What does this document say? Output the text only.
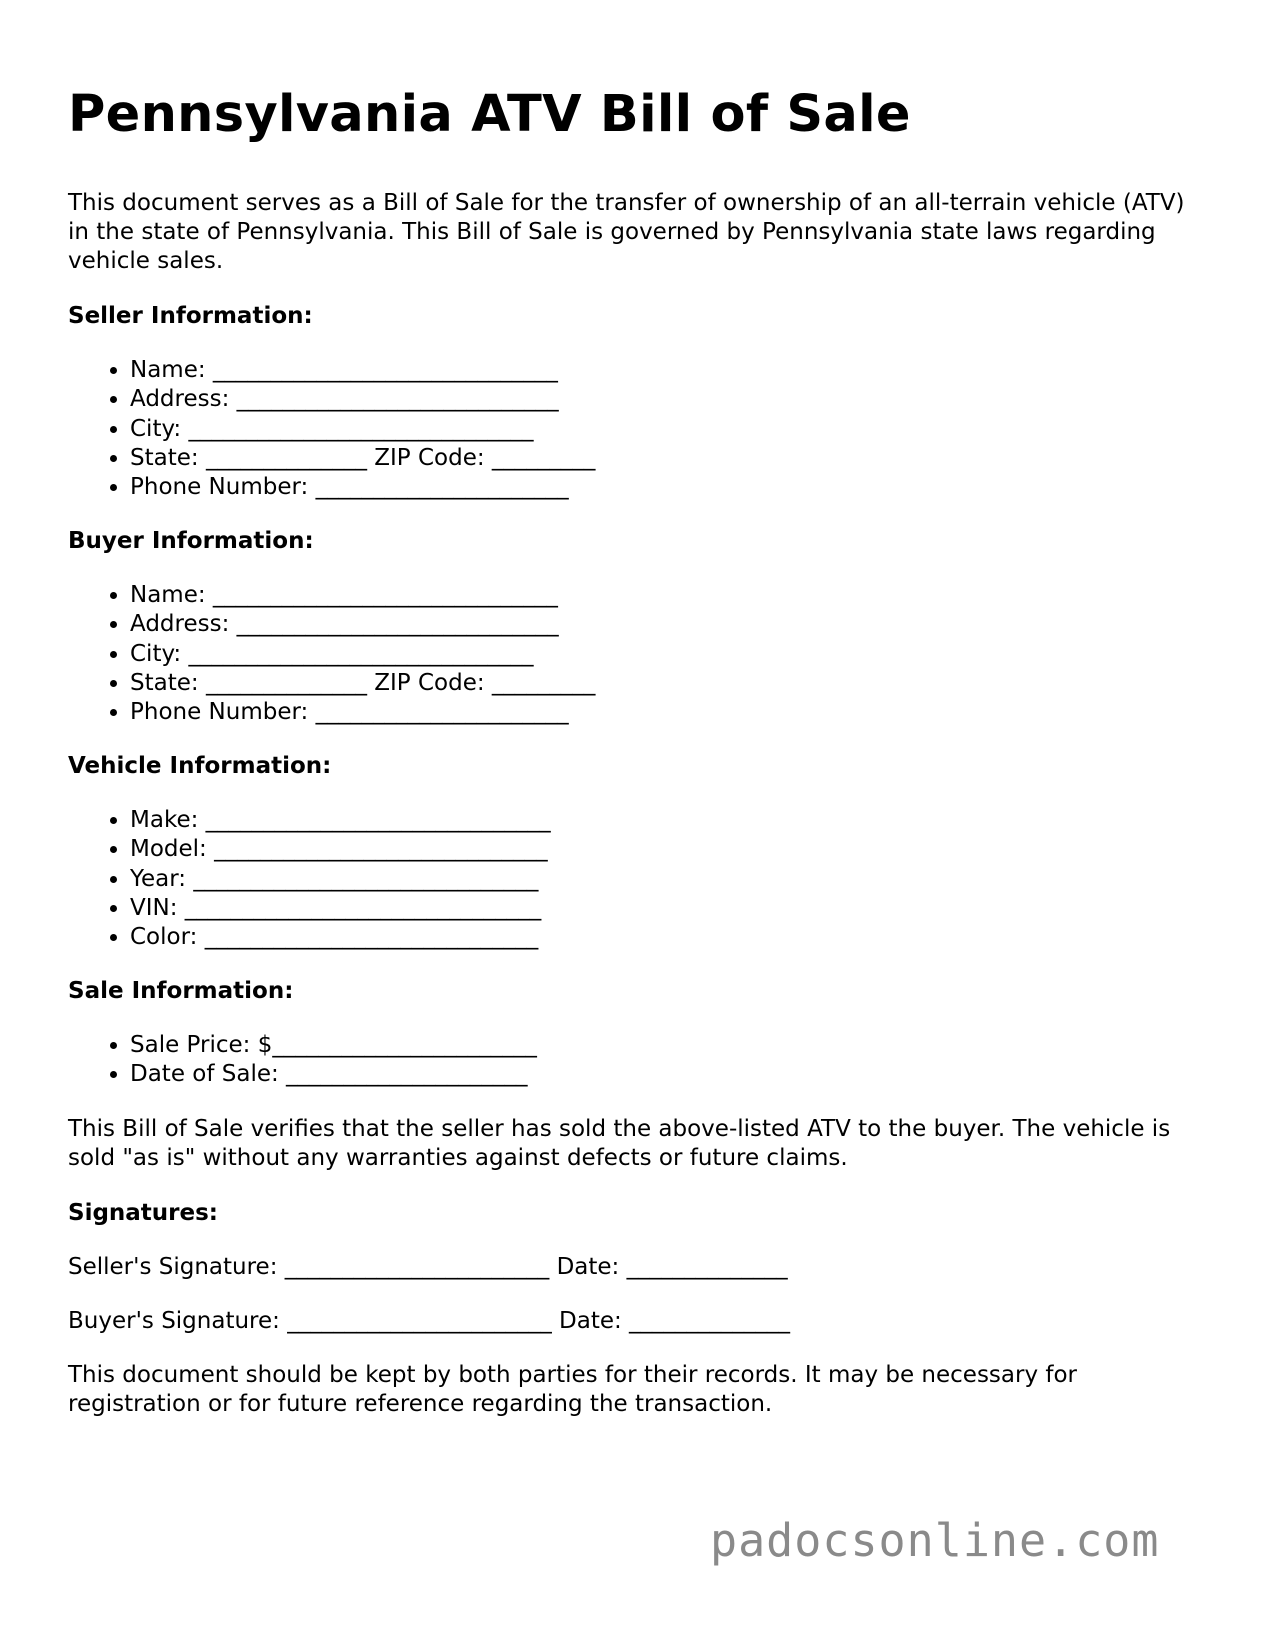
Pennsylvania ATV Bill of Sale

This document serves as a Bill of Sale for the transfer of ownership of an all-terrain vehicle (ATV) in the state of Pennsylvania. This Bill of Sale is governed by Pennsylvania state laws regarding vehicle sales.

Seller Information:
• Name: ______________________________
• Address: ____________________________
• City: ______________________________
• State: ______________ ZIP Code: _________
• Phone Number: ______________________
Buyer Information:
• Name: ______________________________
• Address: ____________________________
• City: ______________________________
• State: ______________ ZIP Code: _________
• Phone Number: ______________________
Vehicle Information:
• Make: ______________________________
• Model: _____________________________
• Year: ______________________________
• VIN: _______________________________
• Color: _____________________________
Sale Information:
• Sale Price: $_______________________
• Date of Sale: _____________________

This Bill of Sale verifies that the seller has sold the above-listed ATV to the buyer. The vehicle is sold "as is" without any warranties against defects or future claims.

Signatures:

Seller's Signature: _______________________ Date: ______________

Buyer's Signature: _______________________ Date: ______________

This document should be kept by both parties for their records. It may be necessary for registration or for future reference regarding the transaction.

padocsonline.com
